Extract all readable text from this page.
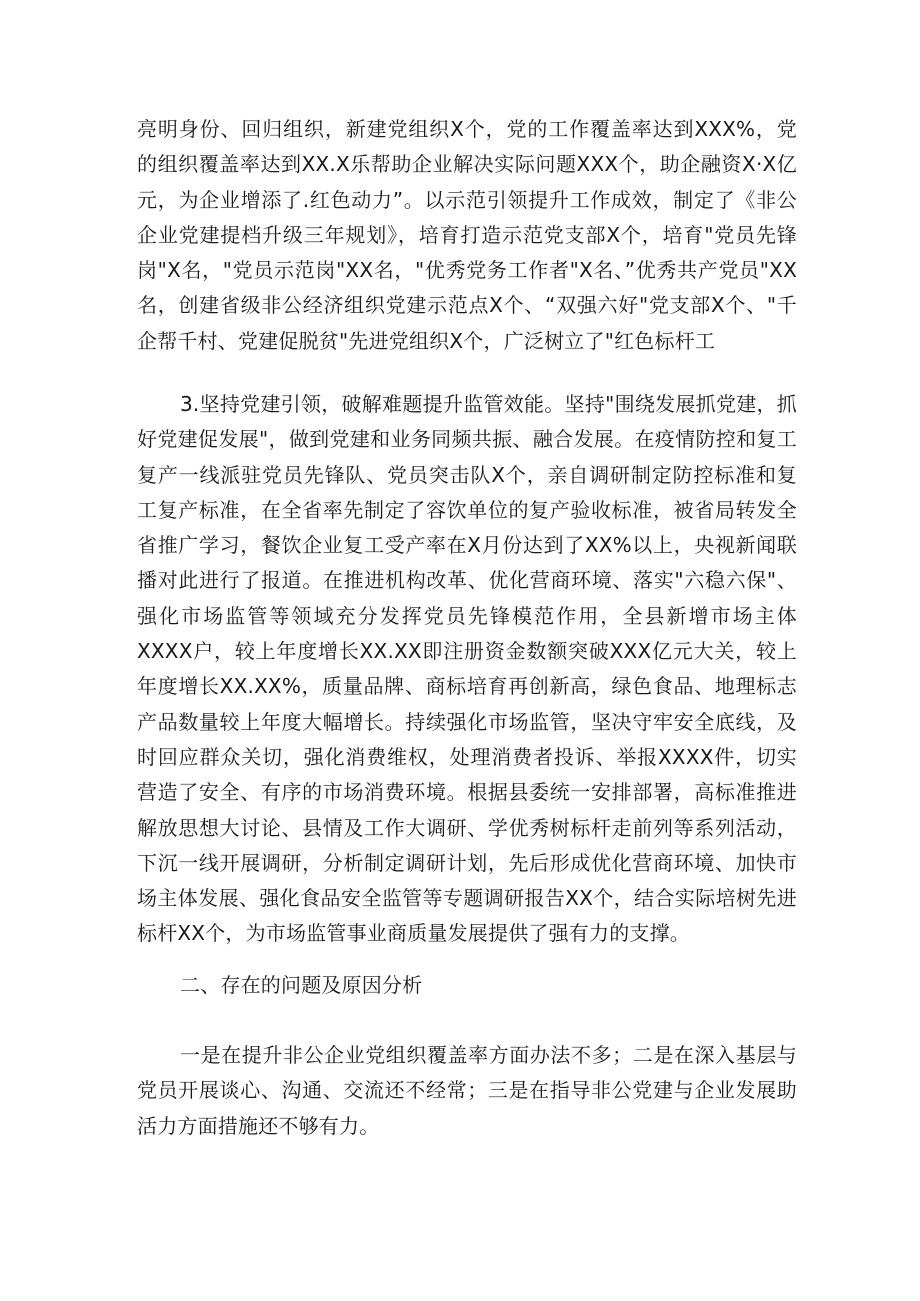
亮明身份、回归组织，新建党组织X个，党的工作覆盖率达到XXX%，党的组织覆盖率达到XX.X乐帮助企业解决实际问题XXX个，助企融资X·X亿元，为企业增添了.红色动力”。以示范引领提升工作成效，制定了《非公企业党建提档升级三年规划》，培育打造示范党支部X个，培育"党员先锋岗"X名，"党员示范岗"XX名，"优秀党务工作者"X名、”优秀共产党员"XX名，创建省级非公经济组织党建示范点X个、“双强六好"党支部X个、"千企帮千村、党建促脱贫"先进党组织X个，广泛树立了"红色标杆工

3.坚持党建引领，破解难题提升监管效能。坚持"围绕发展抓党建，抓好党建促发展"，做到党建和业务同频共振、融合发展。在疫情防控和复工复产一线派驻党员先锋队、党员突击队X个，亲自调研制定防控标准和复工复产标准，在全省率先制定了容饮单位的复产验收标准，被省局转发全省推广学习，餐饮企业复工受产率在X月份达到了XX%以上，央视新闻联播对此进行了报道。在推进机构改革、优化营商环境、落实"六稳六保"、强化市场监管等领域充分发挥党员先锋模范作用，全县新增市场主体XXXX户，较上年度增长XX.XX即注册资金数额突破XXX亿元大关，较上年度增长XX.XX%，质量品牌、商标培育再创新高，绿色食品、地理标志产品数量较上年度大幅增长。持续强化市场监管，坚决守牢安全底线，及时回应群众关切，强化消费维权，处理消费者投诉、举报XXXX件，切实营造了安全、有序的市场消费环境。根据县委统一安排部署，高标准推进解放思想大讨论、县情及工作大调研、学优秀树标杆走前列等系列活动，下沉一线开展调研，分析制定调研计划，先后形成优化营商环境、加快市场主体发展、强化食品安全监管等专题调研报告XX个，结合实际培树先进标杆XX个，为市场监管事业商质量发展提供了强有力的支撑。

二、存在的问题及原因分析

一是在提升非公企业党组织覆盖率方面办法不多；二是在深入基层与党员开展谈心、沟通、交流还不经常；三是在指导非公党建与企业发展助活力方面措施还不够有力。
